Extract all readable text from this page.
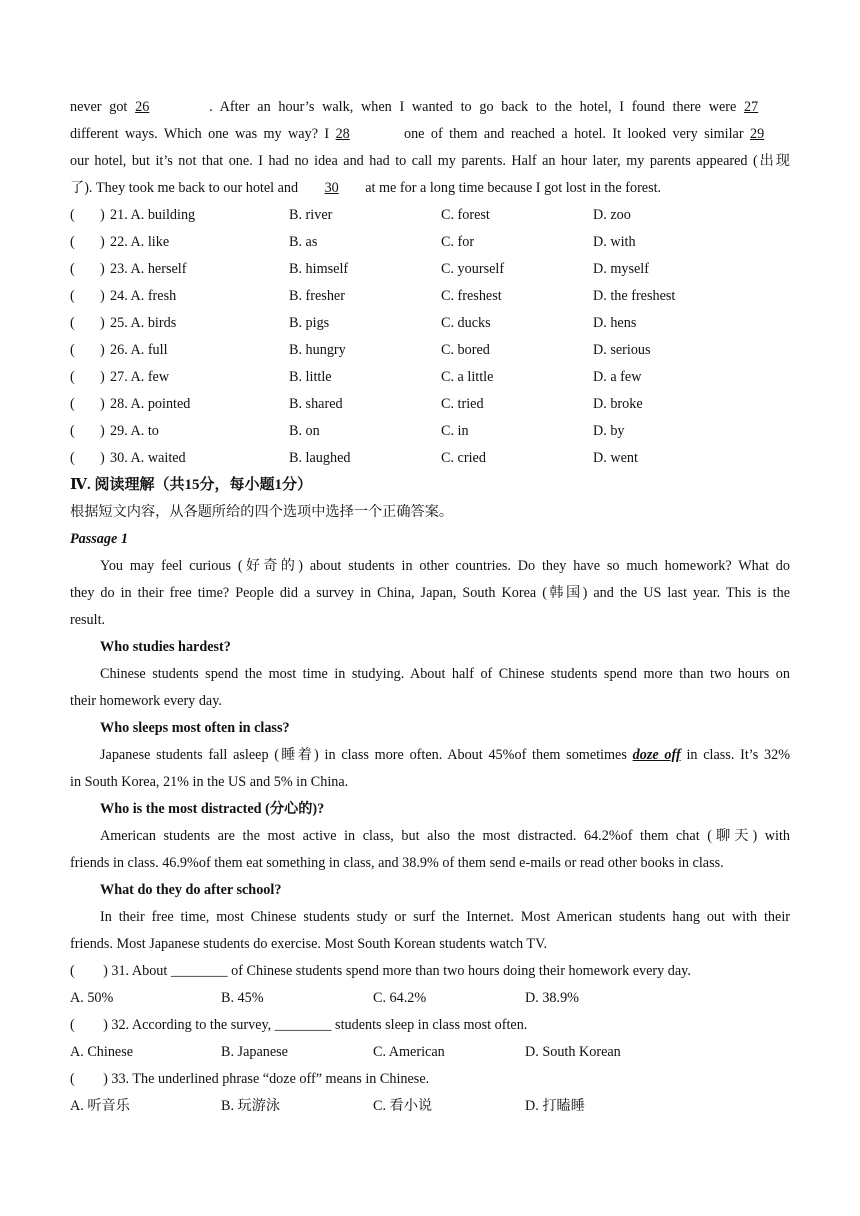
never got 26	. After an hour’s walk, when I wanted to go back to the hotel, I found there were 27
different ways. Which one was my way? I 28	one of them and reached a hotel. It looked very similar 29
our hotel, but it’s not that one. I had no idea and had to call my parents. Half an hour later, my parents appeared (出现
了). They took me back to our hotel and 30 at me for a long time because I got lost in the forest.
( ) 21. A. building	B. river	C. forest	D. zoo
( ) 22. A. like	B. as	C. for	D. with
( ) 23. A. herself	B. himself	C. yourself	D. myself
( ) 24. A. fresh	B. fresher	C. freshest	D. the freshest
( ) 25. A. birds	B. pigs	C. ducks	D. hens
( ) 26. A. full	B. hungry	C. bored	D. serious
( ) 27. A. few	B. little	C. a little	D. a few
( ) 28. A. pointed	B. shared	C. tried	D. broke
( ) 29. A. to	B. on	C. in	D. by
( ) 30. A. waited	B. laughed	C. cried	D. went
Ⅳ. 阅读理解（共15分，每小题1分）
根据短文内容，从各题所给的四个选项中选择一个正确答案。
Passage 1
You may feel curious (好奇的) about students in other countries. Do they have so much homework? What do
they do in their free time? People did a survey in China, Japan, South Korea (韩国) and the US last year. This is the
result.
Who studies hardest?
Chinese students spend the most time in studying. About half of Chinese students spend more than two hours on
their homework every day.
Who sleeps most often in class?
Japanese students fall asleep (睡着) in class more often. About 45%of them sometimes doze off in class. It’s 32%
in South Korea, 21% in the US and 5% in China.
Who is the most distracted (分心的)?
American students are the most active in class, but also the most distracted. 64.2%of them chat (聊天) with
friends in class. 46.9%of them eat something in class, and 38.9% of them send e-mails or read other books in class.
What do they do after school?
In their free time, most Chinese students study or surf the Internet. Most American students hang out with their
friends. Most Japanese students do exercise. Most South Korean students watch TV.
(        ) 31. About ________ of Chinese students spend more than two hours doing their homework every day.
A. 50%	B. 45%	C. 64.2%	D. 38.9%
(        ) 32. According to the survey, ________ students sleep in class most often.
A. Chinese	B. Japanese	C. American	D. South Korean
(        ) 33. The underlined phrase “doze off” means in Chinese.
A. 听音乐	B. 玩游泳	C. 看小说	D. 打瞌睡
